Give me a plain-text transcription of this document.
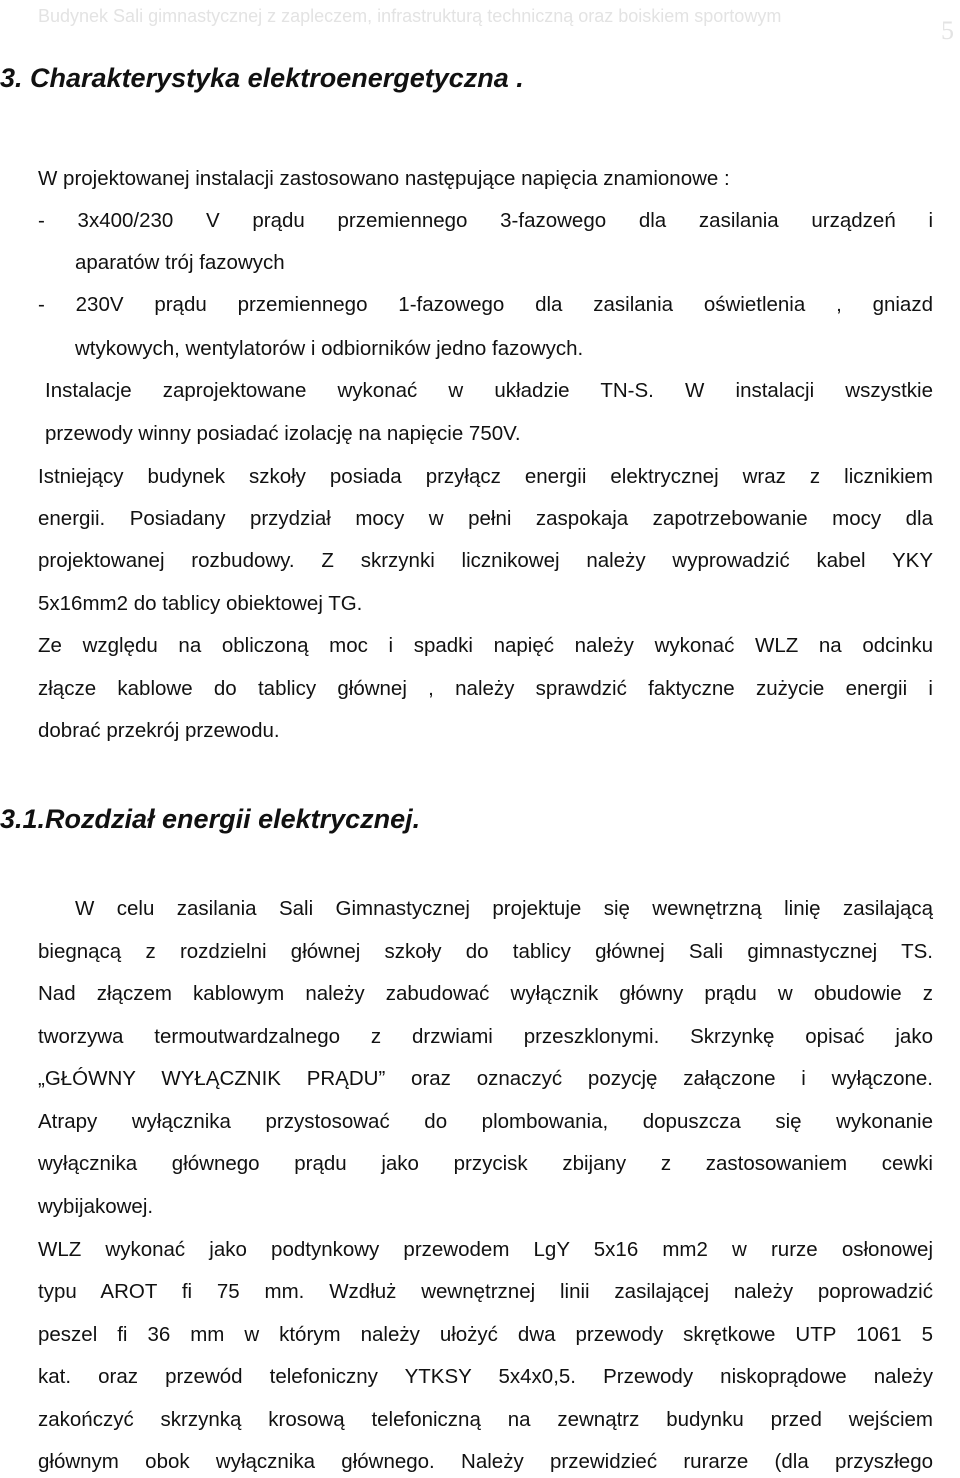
Budynek Sali gimnastycznej z zapleczem, infrastrukturą techniczną oraz boiskiem sportowym	5
3. Charakterystyka elektroenergetyczna .

W projektowanej instalacji zastosowano następujące napięcia znamionowe :

- 3x400/230 V prądu przemiennego 3-fazowego dla zasilania urządzeń i

aparatów trój fazowych

- 230V prądu przemiennego 1-fazowego dla zasilania oświetlenia , gniazd

wtykowych, wentylatorów i odbiorników jedno fazowych.

Instalacje zaprojektowane wykonać w układzie TN-S. W instalacji wszystkie

przewody winny posiadać izolację na napięcie 750V.

Istniejący budynek szkoły posiada przyłącz energii elektrycznej wraz z licznikiem

energii. Posiadany przydział mocy w pełni zaspokaja zapotrzebowanie mocy dla

projektowanej rozbudowy. Z skrzynki licznikowej należy wyprowadzić kabel YKY

5x16mm2 do tablicy obiektowej TG.

Ze względu na obliczoną moc i spadki napięć należy wykonać WLZ na odcinku

złącze kablowe do tablicy głównej , należy sprawdzić faktyczne zużycie energii i

dobrać przekrój przewodu.

3.1.Rozdział energii elektrycznej.

W celu zasilania Sali Gimnastycznej projektuje się wewnętrzną linię zasilającą

biegnącą z rozdzielni głównej szkoły do tablicy głównej Sali gimnastycznej TS.

Nad złączem kablowym należy zabudować wyłącznik główny prądu w obudowie z

tworzywa termoutwardzalnego z drzwiami przeszklonymi. Skrzynkę opisać jako

„GŁÓWNY WYŁĄCZNIK PRĄDU” oraz oznaczyć pozycję załączone i wyłączone.

Atrapy wyłącznika przystosować do plombowania, dopuszcza się wykonanie

wyłącznika głównego prądu jako przycisk zbijany z zastosowaniem cewki

wybijakowej.

WLZ wykonać jako podtynkowy przewodem LgY 5x16 mm2 w rurze osłonowej

typu AROT fi 75 mm. Wzdłuż wewnętrznej linii zasilającej należy poprowadzić

peszel fi 36 mm w którym należy ułożyć dwa przewody skrętkowe UTP 1061 5

kat. oraz przewód telefoniczny YTKSY 5x4x0,5. Przewody niskoprądowe należy

zakończyć skrzynką krosową telefoniczną na zewnątrz budynku przed wejściem

głównym obok wyłącznika głównego. Należy przewidzieć rurarze (dla przyszłego
